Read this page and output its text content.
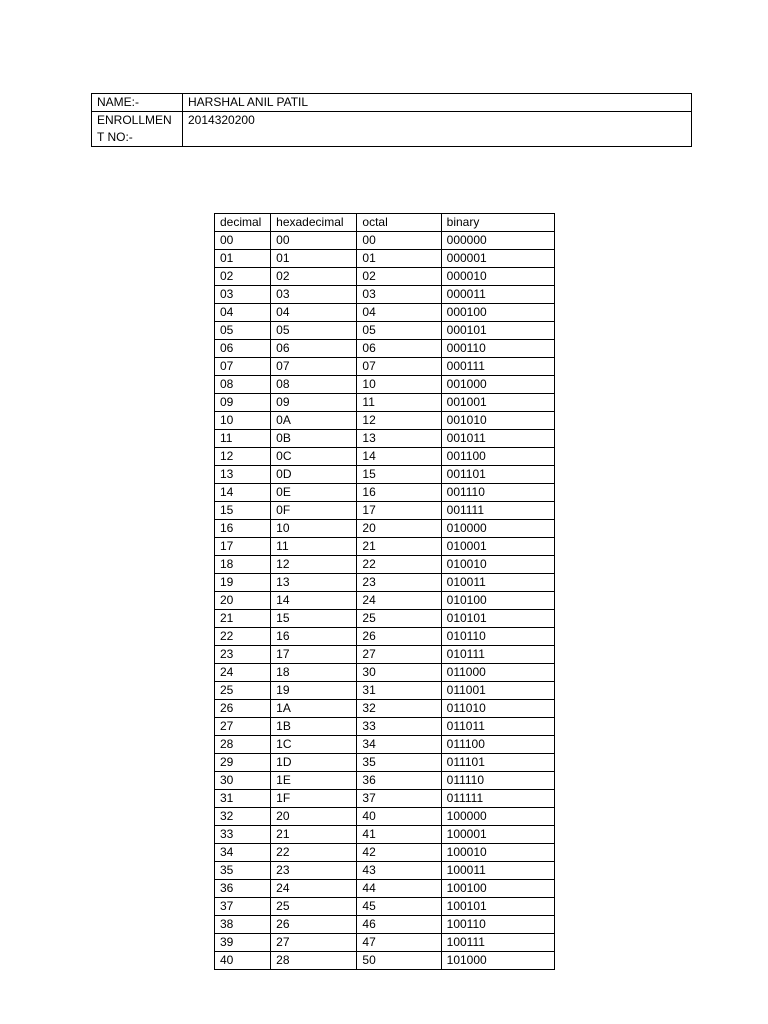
NAME:-	HARSHAL ANIL PATIL

ENROLLMEN T NO:-	2014320200
decimal	hexadecimal	octal	binary
00	00	00	000000
01	01	01	000001
02	02	02	000010
03	03	03	000011
04	04	04	000100
05	05	05	000101
06	06	06	000110
07	07	07	000111
08	08	10	001000
09	09	11	001001
10	0A	12	001010
11	0B	13	001011
12	0C	14	001100
13	0D	15	001101
14	0E	16	001110
15	0F	17	001111
16	10	20	010000
17	11	21	010001
18	12	22	010010
19	13	23	010011
20	14	24	010100
21	15	25	010101
22	16	26	010110
23	17	27	010111
24	18	30	011000
25	19	31	011001
26	1A	32	011010
27	1B	33	011011
28	1C	34	011100
29	1D	35	011101
30	1E	36	011110
31	1F	37	011111
32	20	40	100000
33	21	41	100001
34	22	42	100010
35	23	43	100011
36	24	44	100100
37	25	45	100101
38	26	46	100110
39	27	47	100111
40	28	50	101000
